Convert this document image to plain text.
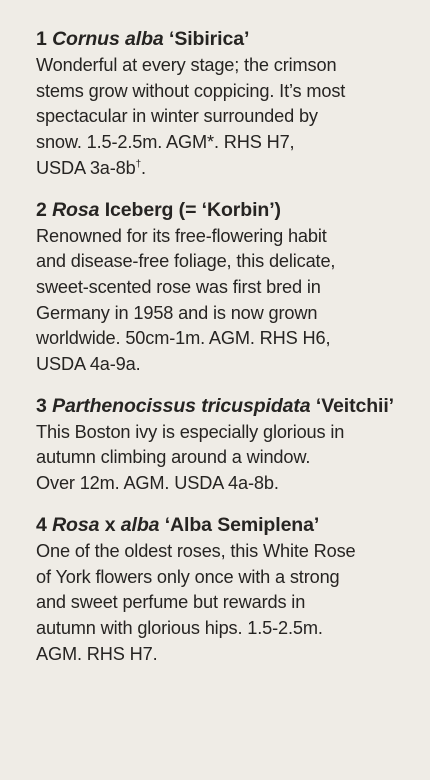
1 Cornus alba ‘Sibirica’
Wonderful at every stage; the crimson
stems grow without coppicing. It’s most
spectacular in winter surrounded by
snow. 1.5-2.5m. AGM*. RHS H7,
USDA 3a-8b†.
2 Rosa Iceberg (= ‘Korbin’)
Renowned for its free-flowering habit
and disease-free foliage, this delicate,
sweet-scented rose was first bred in
Germany in 1958 and is now grown
worldwide. 50cm-1m. AGM. RHS H6,
USDA 4a-9a.
3 Parthenocissus tricuspidata ‘Veitchii’
This Boston ivy is especially glorious in
autumn climbing around a window.
Over 12m. AGM. USDA 4a-8b.
4 Rosa x alba ‘Alba Semiplena’
One of the oldest roses, this White Rose
of York flowers only once with a strong
and sweet perfume but rewards in
autumn with glorious hips. 1.5-2.5m.
AGM. RHS H7.
